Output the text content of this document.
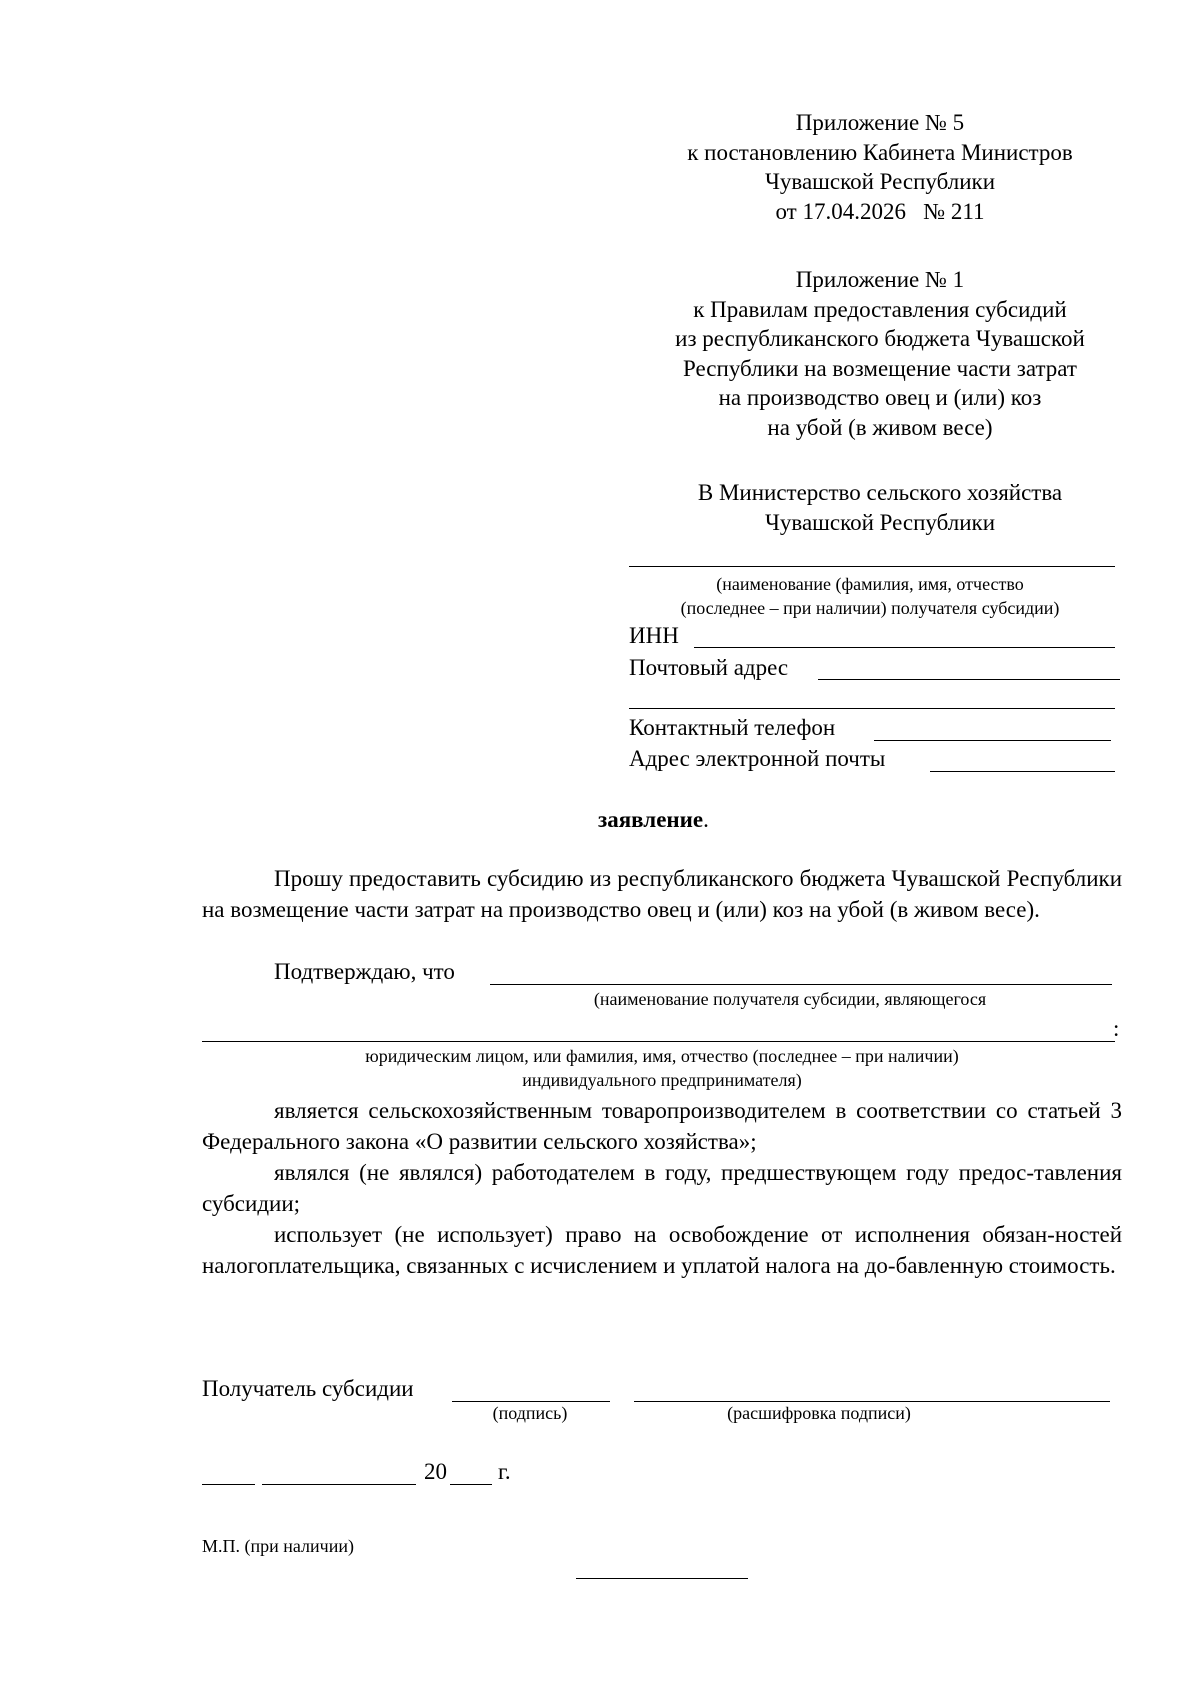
Приложение № 5
к постановлению Кабинета Министров
Чувашской Республики
от 17.04.2026   № 211
Приложение № 1
к Правилам предоставления субсидий
из республиканского бюджета Чувашской
Республики на возмещение части затрат
на производство овец и (или) коз
на убой (в живом весе)
В Министерство сельского хозяйства
Чувашской Республики
(наименование (фамилия, имя, отчество
(последнее – при наличии) получателя субсидии)
ИНН
Почтовый адрес
Контактный телефон
Адрес электронной почты
заявление.
Прошу предоставить субсидию из республиканского бюджета Чувашской Республики на возмещение части затрат на производство овец и (или) коз на убой (в живом весе).
Подтверждаю, что
(наименование получателя субсидии, являющегося
:
юридическим лицом, или фамилия, имя, отчество (последнее – при наличии)
индивидуального предпринимателя)
является сельскохозяйственным товаропроизводителем в соответствии со статьей 3 Федерального закона «О развитии сельского хозяйства»;
являлся (не являлся) работодателем в году, предшествующем году предос-тавления субсидии;
использует (не использует) право на освобождение от исполнения обязан-ностей налогоплательщика, связанных с исчислением и уплатой налога на до-бавленную стоимость.
Получатель субсидии
(подпись)	(расшифровка подписи)
20 г.
М.П. (при наличии)
